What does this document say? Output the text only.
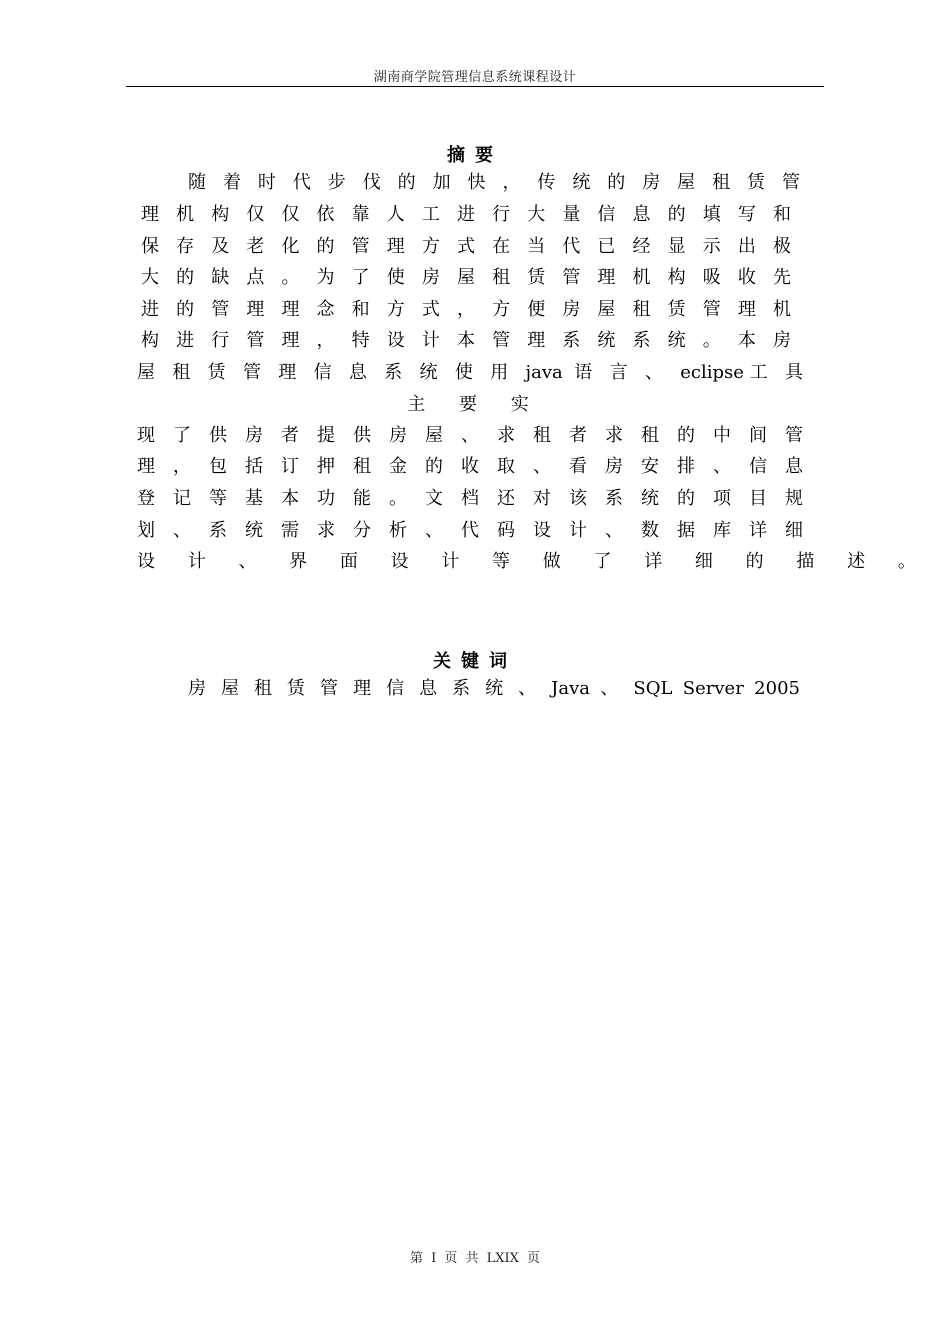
湖南商学院管理信息系统课程设计
摘要
随 着 时 代 步 伐 的 加 快 ， 传 统 的 房 屋 租 赁 管
理 机 构 仅 仅 依 靠 人 工 进 行 大 量 信 息 的 填 写 和
保 存 及 老 化 的 管 理 方 式 在 当 代 已 经 显 示 出 极
大 的 缺 点 。 为 了 使 房 屋 租 赁 管 理 机 构 吸 收 先
进 的 管 理 理 念 和 方 式 ， 方 便 房 屋 租 赁 管 理 机
构 进 行 管 理 ， 特 设 计 本 管 理 系 统 系 统 。 本 房
屋 租 赁 管 理 信 息 系 统 使 用 java 语 言 、 eclipse工 具
主 要 实
现 了 供 房 者 提 供 房 屋 、 求 租 者 求 租 的 中 间 管
理 ， 包 括 订 押 租 金 的 收 取 、 看 房 安 排 、 信 息
登 记 等 基 本 功 能 。 文 档 还 对 该 系 统 的 项 目 规
划 、 系 统 需 求 分 析 、 代 码 设 计 、 数 据 库 详 细
设 计 、 界 面 设 计 等 做 了 详 细 的 描 述 。
关键词
房 屋 租 赁 管 理 信 息 系 统 、 Java 、 SQL Server 2005
第 I 页 共 LXIX 页
